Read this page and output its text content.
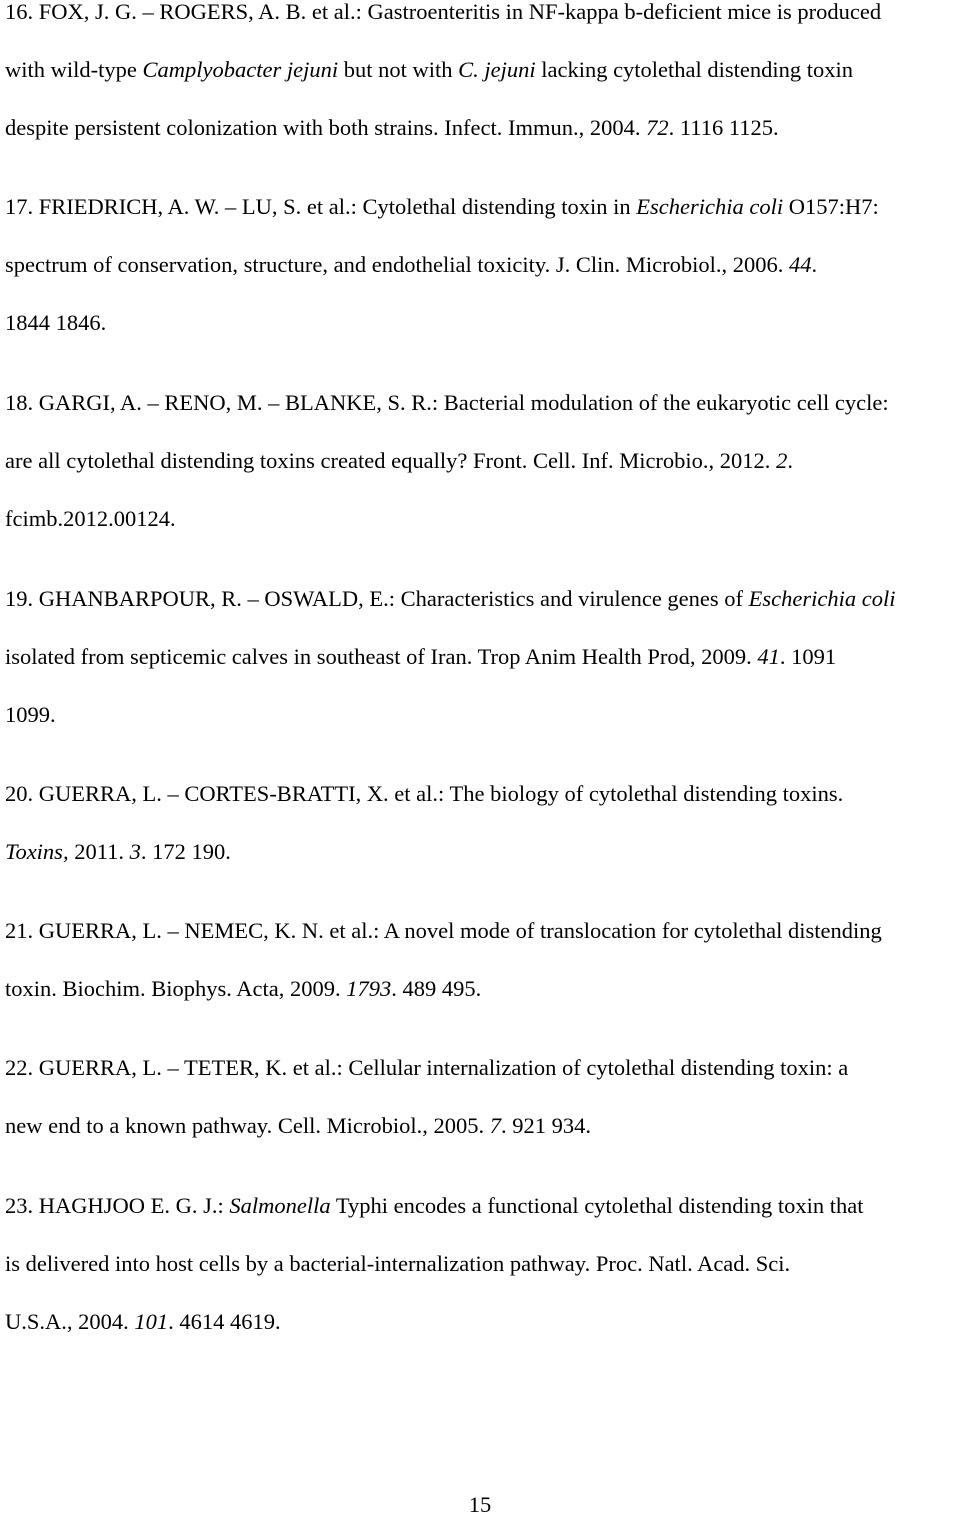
16. FOX, J. G. – ROGERS, A. B. et al.: Gastroenteritis in NF-kappa b-deficient mice is produced
with wild-type Camplyobacter jejuni but not with C. jejuni lacking cytolethal distending toxin
despite persistent colonization with both strains. Infect. Immun., 2004. 72. 1116 1125.
17. FRIEDRICH, A. W. – LU, S. et al.: Cytolethal distending toxin in Escherichia coli O157:H7:
spectrum of conservation, structure, and endothelial toxicity. J. Clin. Microbiol., 2006. 44.
1844 1846.
18. GARGI, A. – RENO, M. – BLANKE, S. R.: Bacterial modulation of the eukaryotic cell cycle:
are all cytolethal distending toxins created equally? Front. Cell. Inf. Microbio., 2012. 2.
fcimb.2012.00124.
19. GHANBARPOUR, R. – OSWALD, E.: Characteristics and virulence genes of Escherichia coli
isolated from septicemic calves in southeast of Iran. Trop Anim Health Prod, 2009. 41. 1091
1099.
20. GUERRA, L. – CORTES-BRATTI, X. et al.: The biology of cytolethal distending toxins.
Toxins, 2011. 3. 172 190.
21. GUERRA, L. – NEMEC, K. N. et al.: A novel mode of translocation for cytolethal distending
toxin. Biochim. Biophys. Acta, 2009. 1793. 489 495.
22. GUERRA, L. – TETER, K. et al.: Cellular internalization of cytolethal distending toxin: a
new end to a known pathway. Cell. Microbiol., 2005. 7. 921 934.
23. HAGHJOO E. G. J.: Salmonella Typhi encodes a functional cytolethal distending toxin that
is delivered into host cells by a bacterial-internalization pathway. Proc. Natl. Acad. Sci.
U.S.A., 2004. 101. 4614 4619.
15
